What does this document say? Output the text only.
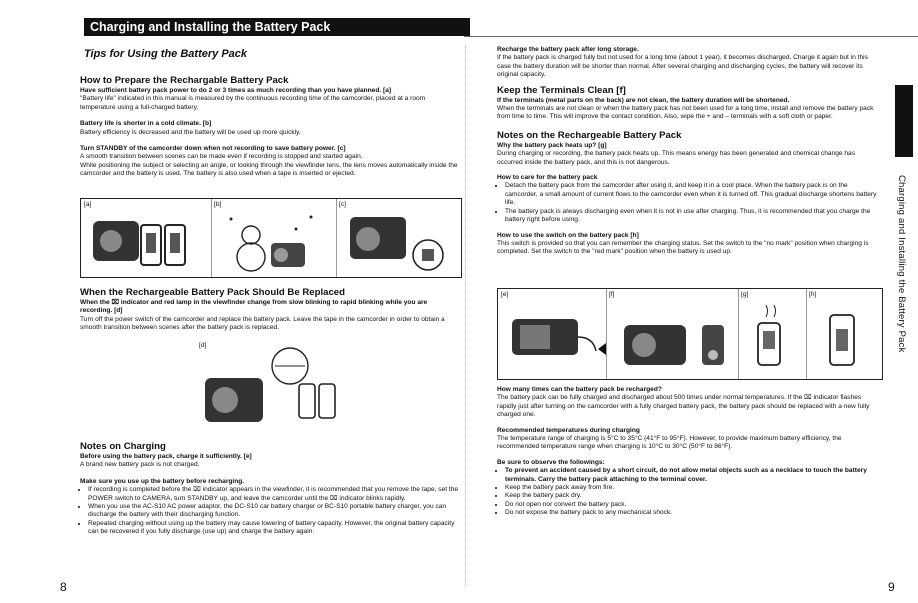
Charging and Installing the Battery Pack
Tips for Using the Battery Pack
How to Prepare the Rechargable Battery Pack
Have sufficient battery pack power to do 2 or 3 times as much recording than you have planned. [a]

"Battery life" indicated in this manual is measured by the continuous recording time of the camcorder, placed at a room temperature using a full-charged battery.

Battery life is shorter in a cold climate. [b]

Battery efficiency is decreased and the battery will be used up more quickly.

Turn STANDBY of the camcorder down when not recording to save battery power. [c]

A smooth transition between scenes can be made even if recording is stopped and started again.

While positioning the subject or selecting an angle, or looking through the viewfinder lens, the lens moves automatically inside the camcorder and the battery is used. The battery is also used when a tape is inserted or ejected.

[a]	[b]	[c]
When the Rechargeable Battery Pack Should Be Replaced
When the ⌧ indicator and red lamp in the viewfinder change from slow blinking to rapid blinking while you are recording. [d]

Turn off the power switch of the camcorder and replace the battery pack. Leave the tape in the camcorder in order to obtain a smooth transition between scenes after the battery pack is replaced.

[d]
Notes on Charging
Before using the battery pack, charge it sufficiently. [e]

A brand new battery pack is not charged.

Make sure you use up the battery before recharging.
• If recording is completed before the ⌧ indicator appears in the viewfinder, it is recommended that you remove the tape, set the POWER switch to CAMERA, turn STANDBY up, and leave the camcorder until the ⌧ indicator blinks rapidly.
• When you use the AC-S10 AC power adaptor, the DC-S10 car battery charger or BC-S10 portable battery charger, you can discharge the battery with their discharging function.
• Repeated charging without using up the battery may cause lowering of battery capacity. However, the original battery capacity can be recovered if you fully discharge (use up) and charge the battery again.
Recharge the battery pack after long storage.

If the battery pack is charged fully but not used for a long time (about 1 year), it becomes discharged. Charge it again but in this case the battery duration will be shorter than normal. After several charging and discharging cycles, the battery will recover its original capacity.

Keep the Terminals Clean [f]
If the terminals (metal parts on the back) are not clean, the battery duration will be shortened.

When the terminals are not clean or when the battery pack has not been used for a long time, install and remove the battery pack from time to time. This will improve the contact condition. Also, wipe the + and – terminals with a soft cloth or paper.

Notes on the Rechargeable Battery Pack
Why the battery pack heats up? [g]

During charging or recording, the battery pack heats up. This means energy has been generated and chemical change has occurred inside the battery pack, and this is not dangerous.

How to care for the battery pack
• Detach the battery pack from the camcorder after using it, and keep it in a cool place. When the battery pack is on the camcorder, a small amount of current flows to the camcorder even when it is turned off. This gradual discharge shortens battery life.
• The battery pack is always discharging even when it is not in use after charging. Thus, it is recommended that you charge the battery right before using.
How to use the switch on the battery pack [h]

This switch is provided so that you can remember the charging status. Set the switch to the "no mark" position when charging is completed. Set the switch to the "red mark" position when the battery is used up.

[e]	[f]	[g]	[h]
How many times can the battery pack be recharged?

The battery pack can be fully charged and discharged about 500 times under normal temperatures. If the ⌧ indicator flashes rapidly just after turning on the camcorder with a fully charged battery pack, the battery pack should be replaced with a new fully charged one.

Recommended temperatures during charging

The temperature range of charging is 5°C to 35°C (41°F to 95°F). However, to provide maximum battery efficiency, the recommended temperature range when charging is 10°C to 30°C (50°F to 86°F).

Be sure to observe the followings:
• To prevent an accident caused by a short circuit, do not allow metal objects such as a necklace to touch the battery terminals. Carry the battery pack attaching to the terminal cover.
• Keep the battery pack away from fire.
• Keep the battery pack dry.
• Do not open nor convert the battery pack.
• Do not expose the battery pack to any mechanical shock.
Charging and Installing the Battery Pack
8	9
